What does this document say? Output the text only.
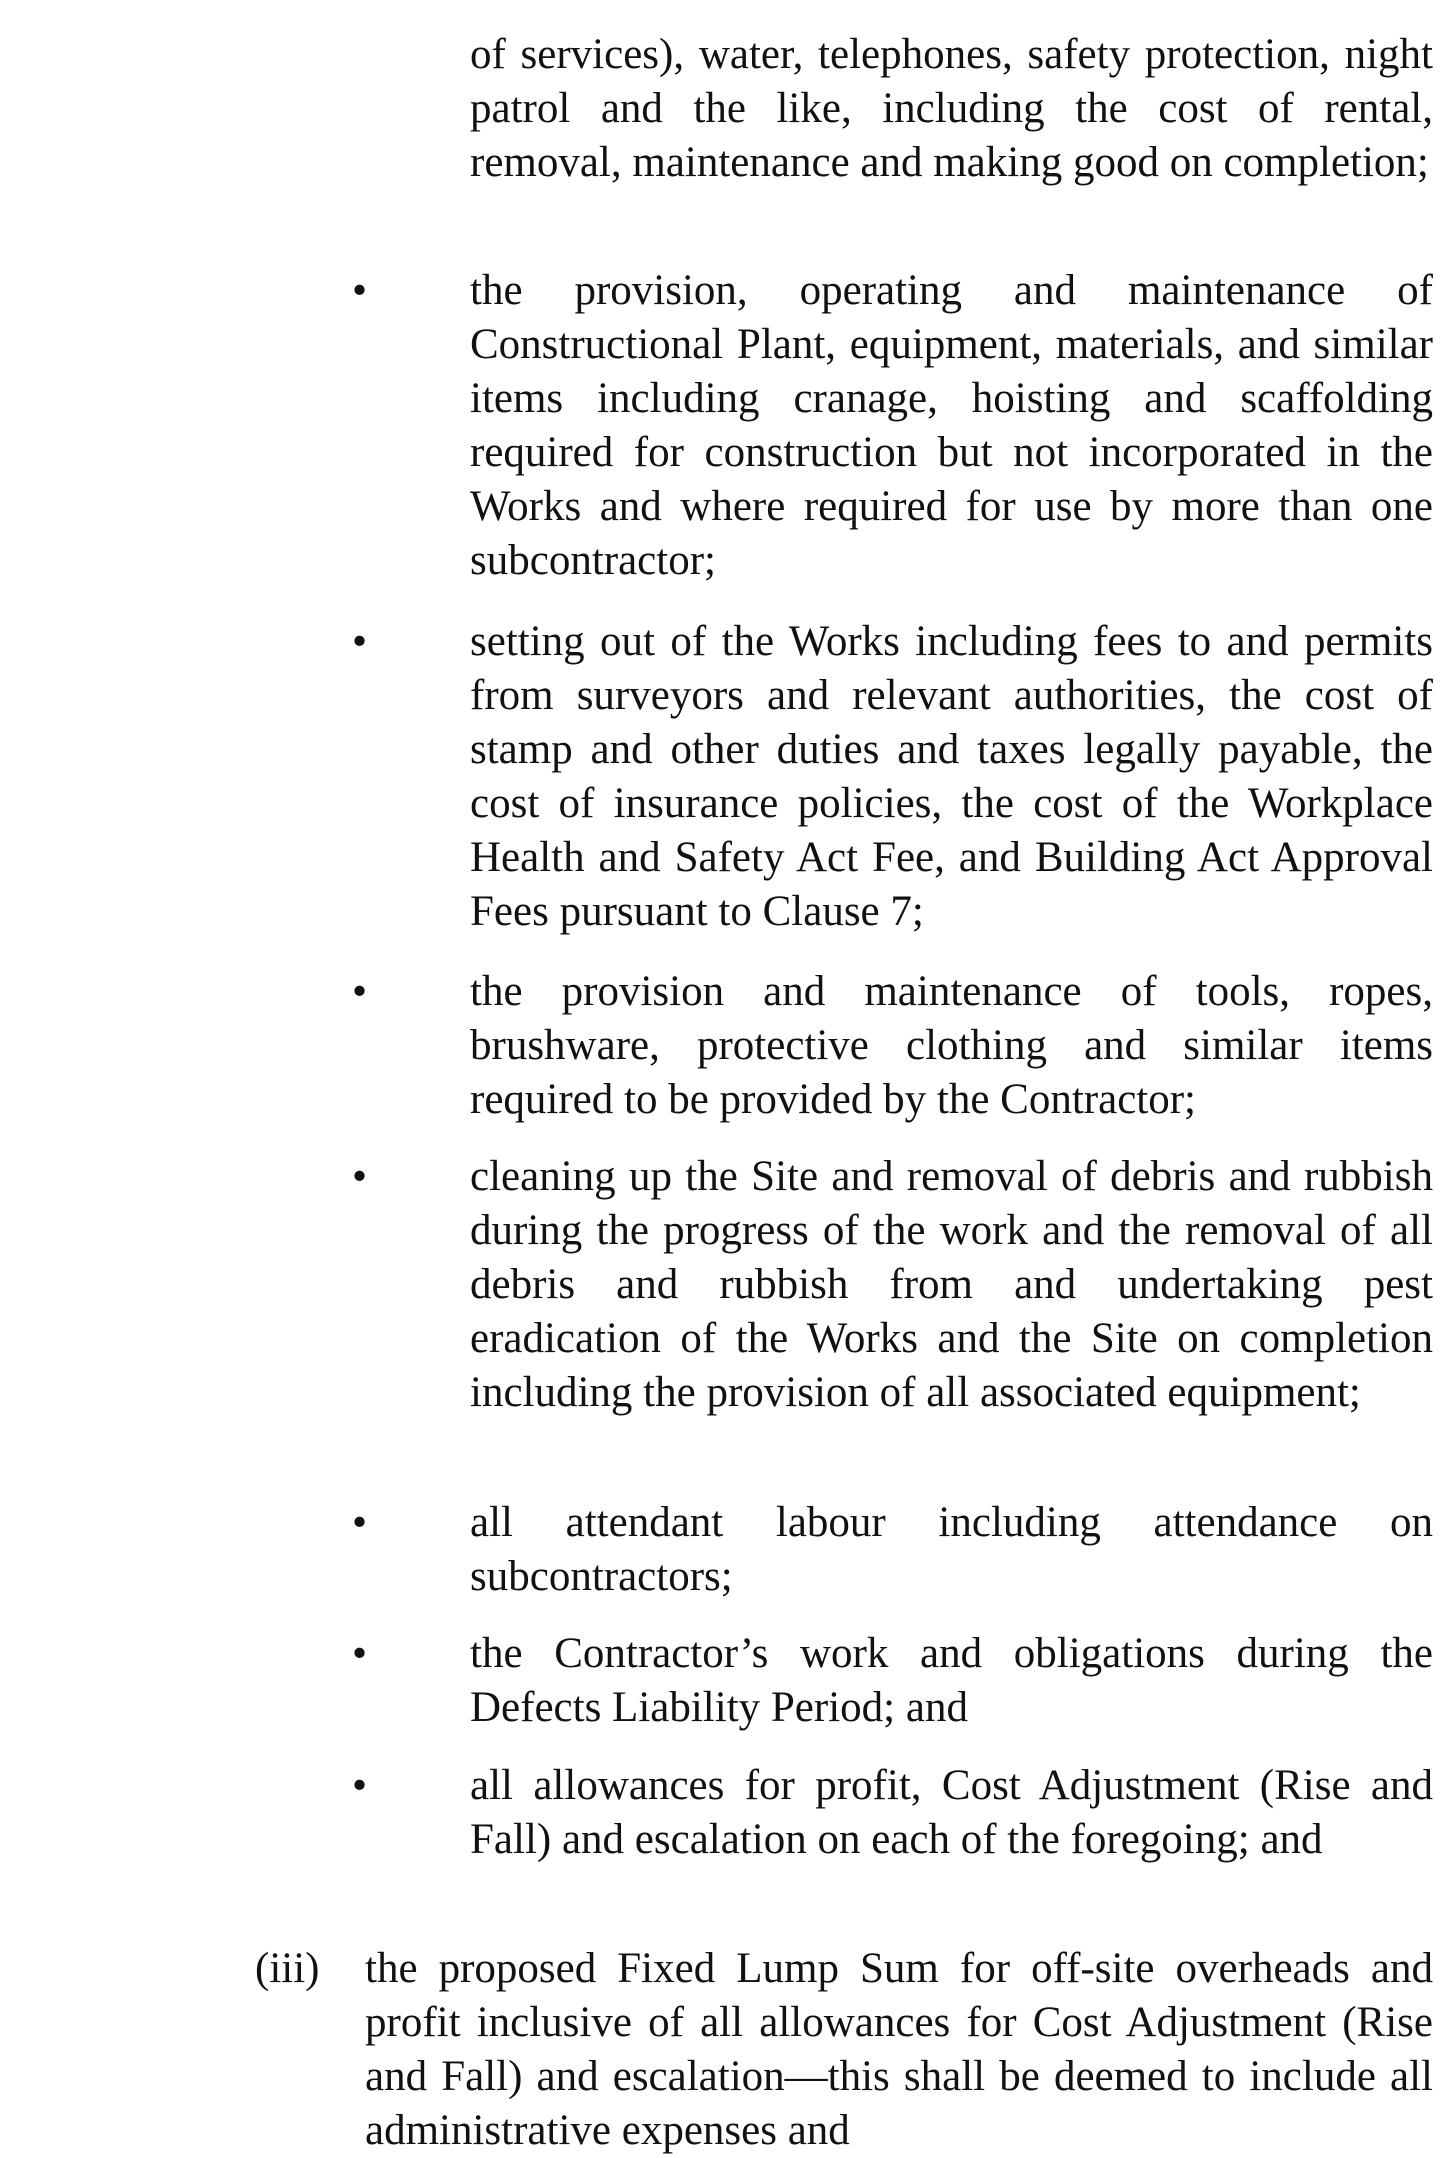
of services), water, telephones, safety protection, night patrol and the like, including the cost of rental, removal, maintenance and making good on completion;
•	the provision, operating and maintenance of Constructional Plant, equipment, materials, and similar items including cranage, hoisting and scaffolding required for construction but not incorporated in the Works and where required for use by more than one subcontractor;
•	setting out of the Works including fees to and permits from surveyors and relevant authorities, the cost of stamp and other duties and taxes legally payable, the cost of insurance policies, the cost of the Workplace Health and Safety Act Fee, and Building Act Approval Fees pursuant to Clause 7;
•	the provision and maintenance of tools, ropes, brushware, protective clothing and similar items required to be provided by the Contractor;
•	cleaning up the Site and removal of debris and rubbish during the progress of the work and the removal of all debris and rubbish from and undertaking pest eradication of the Works and the Site on completion including the provision of all associated equipment;
•	all attendant labour including attendance on subcontractors;
•	the Contractor’s work and obligations during the Defects Liability Period; and
•	all allowances for profit, Cost Adjustment (Rise and Fall) and escalation on each of the foregoing; and
(iii) the proposed Fixed Lump Sum for off-site overheads and profit inclusive of all allowances for Cost Adjustment (Rise and Fall) and escalation—this shall be deemed to include all administrative expenses and
